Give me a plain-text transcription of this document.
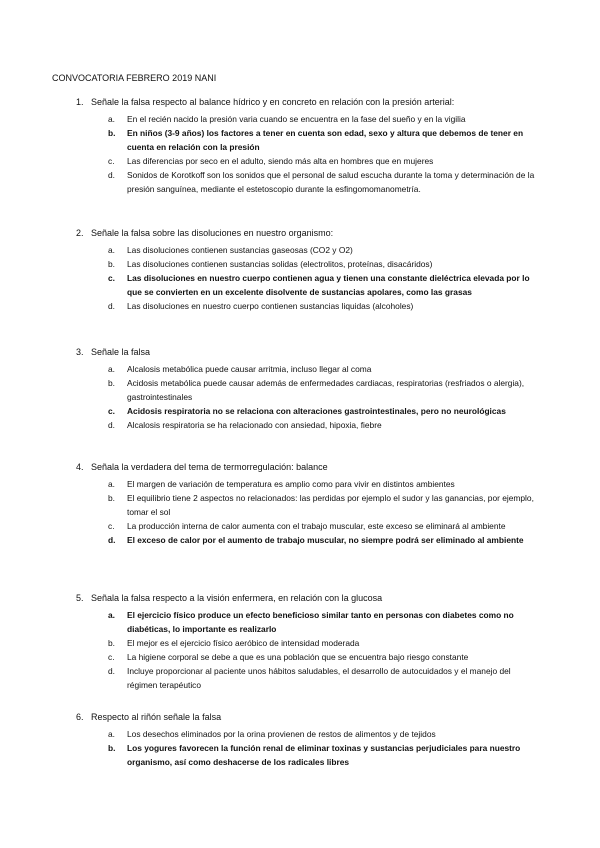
CONVOCATORIA FEBRERO 2019 NANI
1. Señale la falsa respecto al balance hídrico y en concreto en relación con la presión arterial:
a. En el recién nacido la presión varia cuando se encuentra en la fase del sueño y en la vigilia
b. En niños (3-9 años) los factores a tener en cuenta son edad, sexo y altura que debemos de tener en cuenta en relación con la presión
c. Las diferencias por seco en el adulto, siendo más alta en hombres que en mujeres
d. Sonidos de Korotkoff son los sonidos que el personal de salud escucha durante la toma y determinación de la presión sanguínea, mediante el estetoscopio durante la esfingomomanometría.
2. Señale la falsa sobre las disoluciones en nuestro organismo:
a. Las disoluciones contienen sustancias gaseosas (CO2 y O2)
b. Las disoluciones contienen sustancias solidas (electrolitos, proteínas, disacáridos)
c. Las disoluciones en nuestro cuerpo contienen agua y tienen una constante dieléctrica elevada por lo que se convierten en un excelente disolvente de sustancias apolares, como las grasas
d. Las disoluciones en nuestro cuerpo contienen sustancias liquidas (alcoholes)
3. Señale la falsa
a. Alcalosis metabólica puede causar arritmia, incluso llegar al coma
b. Acidosis metabólica puede causar además de enfermedades cardiacas, respiratorias (resfriados o alergia), gastrointestinales
c. Acidosis respiratoria no se relaciona con alteraciones gastrointestinales, pero no neurológicas
d. Alcalosis respiratoria se ha relacionado con ansiedad, hipoxia, fiebre
4. Señala la verdadera del tema de termorregulación: balance
a. El margen de variación de temperatura es amplio como para vivir en distintos ambientes
b. El equilibrio tiene 2 aspectos no relacionados: las perdidas por ejemplo el sudor y las ganancias, por ejemplo, tomar el sol
c. La producción interna de calor aumenta con el trabajo muscular, este exceso se eliminará al ambiente
d. El exceso de calor por el aumento de trabajo muscular, no siempre podrá ser eliminado al ambiente
5. Señala la falsa respecto a la visión enfermera, en relación con la glucosa
a. El ejercicio físico produce un efecto beneficioso similar tanto en personas con diabetes como no diabéticas, lo importante es realizarlo
b. El mejor es el ejercicio físico aeróbico de intensidad moderada
c. La higiene corporal se debe a que es una población que se encuentra bajo riesgo constante
d. Incluye proporcionar al paciente unos hábitos saludables, el desarrollo de autocuidados y el manejo del régimen terapéutico
6. Respecto al riñón señale la falsa
a. Los desechos eliminados por la orina provienen de restos de alimentos y de tejidos
b. Los yogures favorecen la función renal de eliminar toxinas y sustancias perjudiciales para nuestro organismo, así como deshacerse de los radicales libres
